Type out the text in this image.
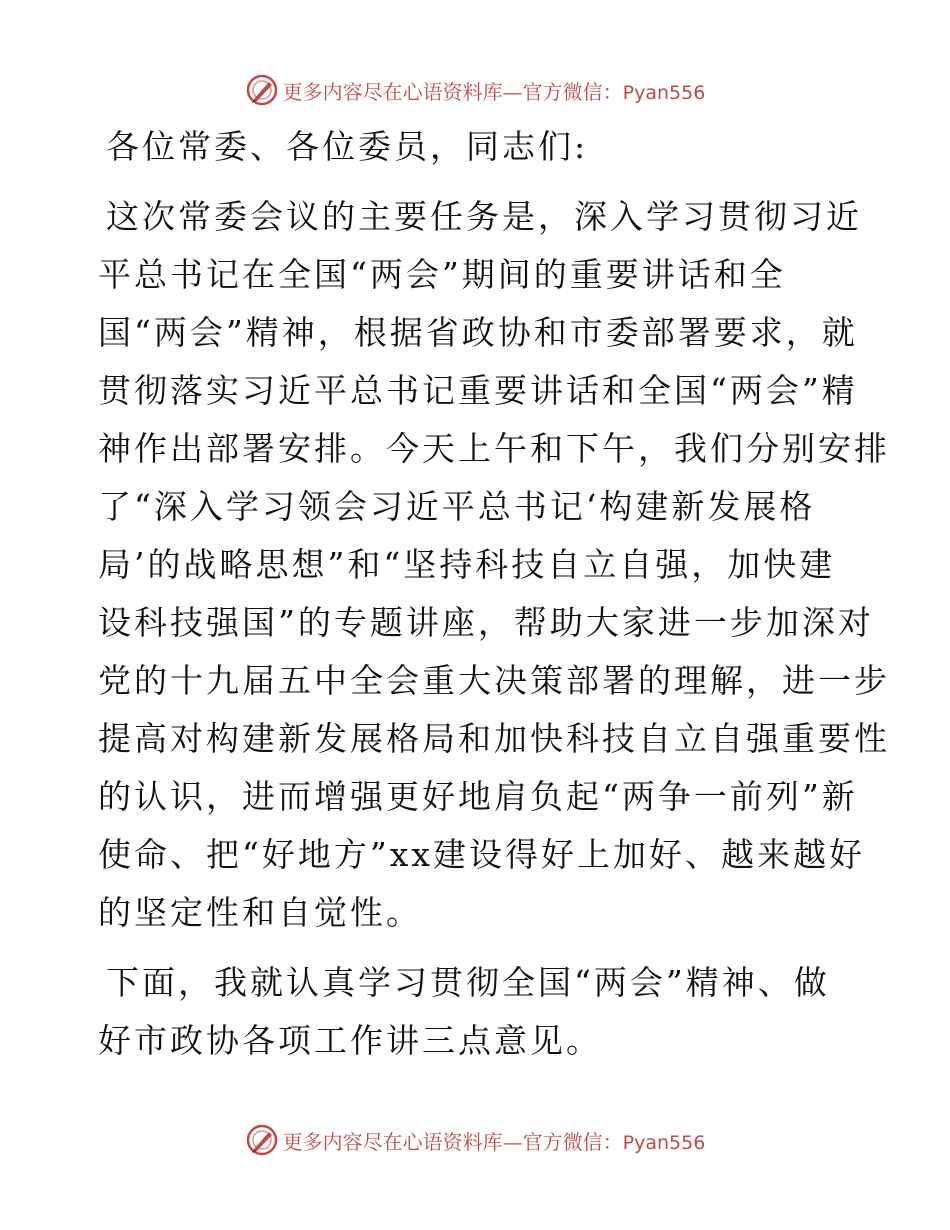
更多内容尽在心语资料库—官方微信：Pyan556

各位常委、各位委员，同志们:

这次常委会议的主要任务是，深入学习贯彻习近
平总书记在全国“两会”期间的重要讲话和全
国“两会”精神，根据省政协和市委部署要求，就
贯彻落实习近平总书记重要讲话和全国“两会”精
神作出部署安排。今天上午和下午，我们分别安排
了“深入学习领会习近平总书记‘构建新发展格
局’的战略思想”和“坚持科技自立自强，加快建
设科技强国”的专题讲座，帮助大家进一步加深对
党的十九届五中全会重大决策部署的理解，进一步
提高对构建新发展格局和加快科技自立自强重要性
的认识，进而增强更好地肩负起“两争一前列”新
使命、把“好地方”xx建设得好上加好、越来越好
的坚定性和自觉性。

下面，我就认真学习贯彻全国“两会”精神、做
好市政协各项工作讲三点意见。

更多内容尽在心语资料库—官方微信：Pyan556
